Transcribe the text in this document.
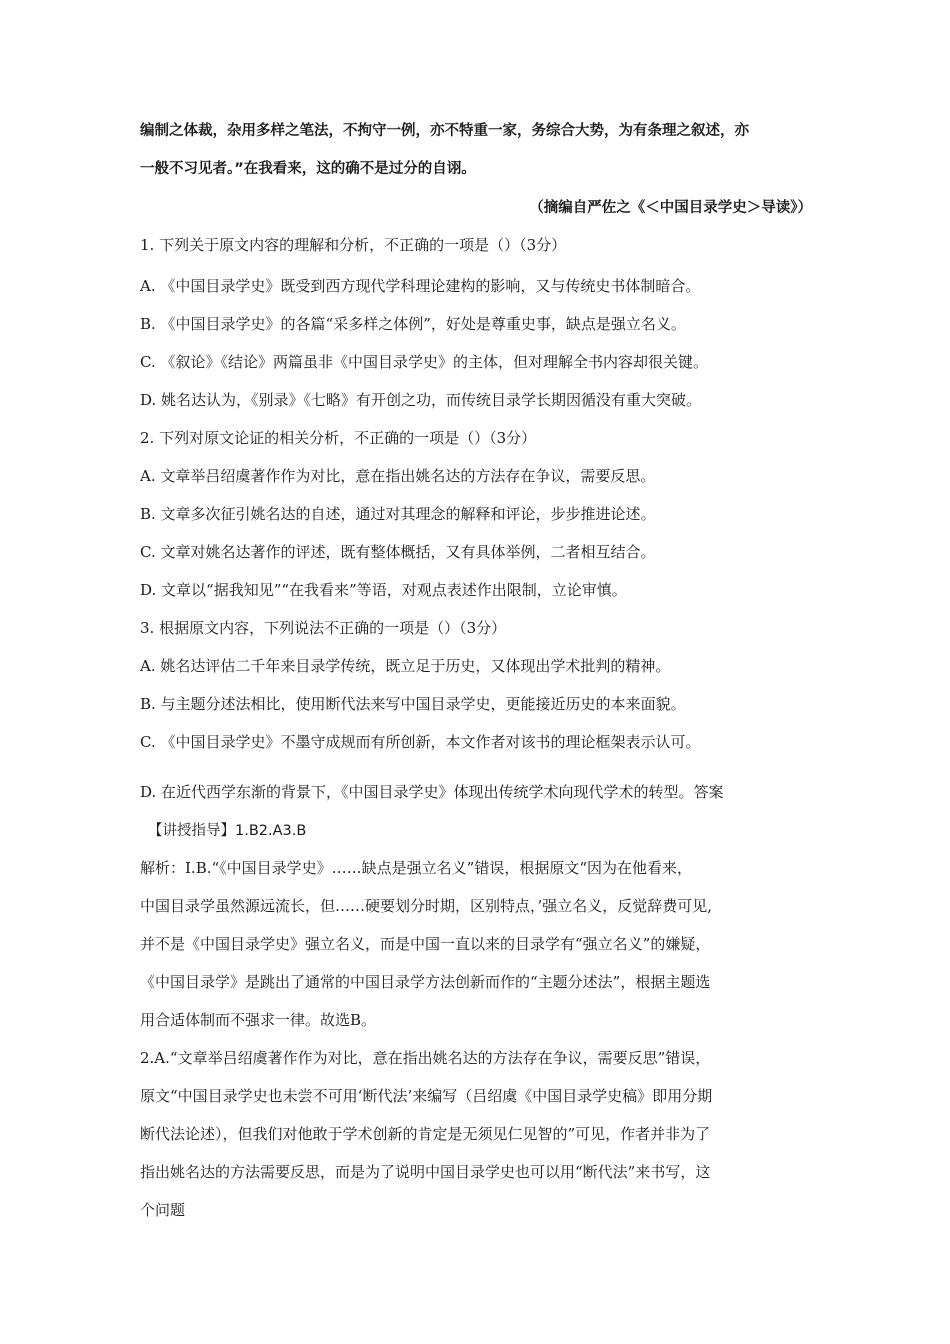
编制之体裁，杂用多样之笔法，不拘守一例，亦不特重一家，务综合大势，为有条理之叙述，亦
一般不习见者。”在我看来，这的确不是过分的自诩。
（摘编自严佐之《＜中国目录学史＞导读》）
1. 下列关于原文内容的理解和分析，不正确的一项是（）（3分）
A. 《中国目录学史》既受到西方现代学科理论建构的影响，又与传统史书体制暗合。
B. 《中国目录学史》的各篇“采多样之体例”，好处是尊重史事，缺点是强立名义。
C. 《叙论》《结论》两篇虽非《中国目录学史》的主体，但对理解全书内容却很关键。
D. 姚名达认为，《别录》《七略》有开创之功，而传统目录学长期因循没有重大突破。
2. 下列对原文论证的相关分析，不正确的一项是（）（3分）
A. 文章举吕绍虞著作作为对比，意在指出姚名达的方法存在争议，需要反思。
B. 文章多次征引姚名达的自述，通过对其理念的解释和评论，步步推进论述。
C. 文章对姚名达著作的评述，既有整体概括，又有具体举例，二者相互结合。
D. 文章以“据我知见”“在我看来”等语，对观点表述作出限制，立论审慎。
3. 根据原文内容，下列说法不正确的一项是（）（3分）
A. 姚名达评估二千年来目录学传统，既立足于历史，又体现出学术批判的精神。
B. 与主题分述法相比，使用断代法来写中国目录学史，更能接近历史的本来面貌。
C. 《中国目录学史》不墨守成规而有所创新，本文作者对该书的理论框架表示认可。
D. 在近代西学东渐的背景下，《中国目录学史》体现出传统学术向现代学术的转型。答案
【讲授指导】1.B2.A3.B
解析：I.B.“《中国目录学史》……缺点是强立名义”错误，根据原文“因为在他看来，
中国目录学虽然源远流长，但……硬要划分时期，区别特点，’强立名义，反觉辞费可见,
并不是《中国目录学史》强立名义，而是中国一直以来的目录学有“强立名义”的嫌疑，
《中国目录学》是跳出了通常的中国目录学方法创新而作的“主题分述法”，根据主题选
用合适体制而不强求一律。故选B。
2.A.“文章举吕绍虞著作作为对比，意在指出姚名达的方法存在争议，需要反思”错误，
原文“中国目录学史也未尝不可用‘断代法’来编写（吕绍虞《中国目录学史稿》即用分期
断代法论述），但我们对他敢于学术创新的肯定是无须见仁见智的”可见，作者并非为了
指出姚名达的方法需要反思，而是为了说明中国目录学史也可以用“断代法”来书写，这
个问题
